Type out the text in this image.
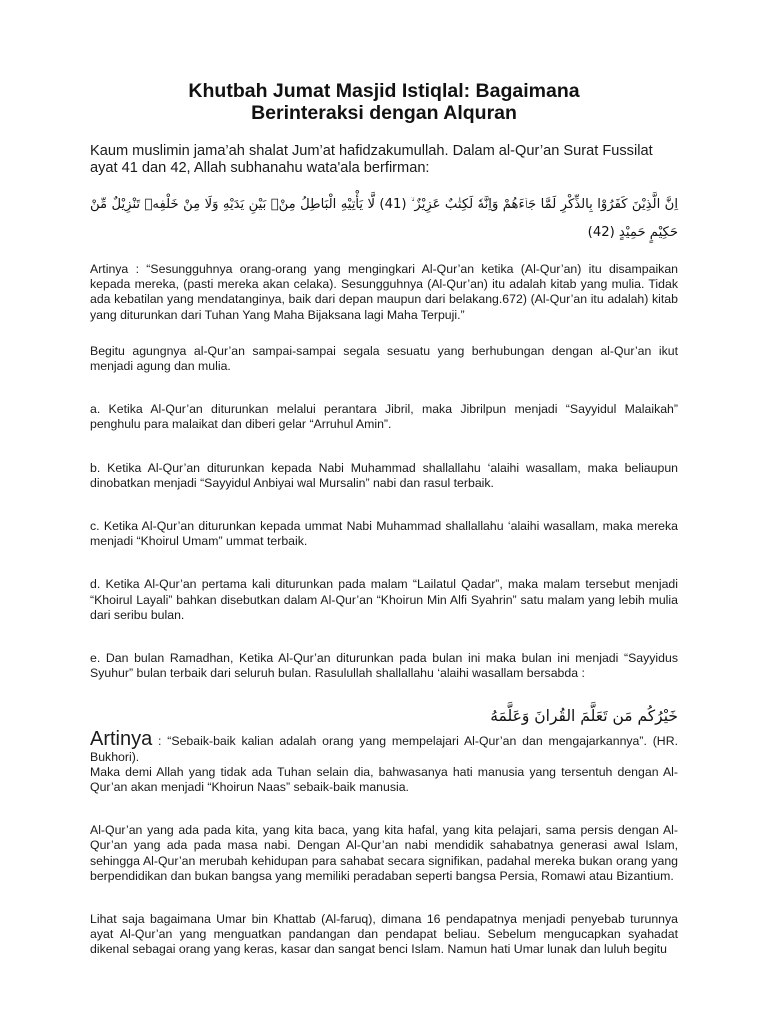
Khutbah Jumat Masjid Istiqlal: Bagaimana
Berinteraksi dengan Alquran

Kaum muslimin jama’ah shalat Jum’at hafidzakumullah. Dalam al-Qur’an Surat Fussilat ayat 41 dan 42, Allah subhanahu wata'ala berfirman:

اِنَّ الَّذِيْنَ كَفَرُوْا بِالذِّكْرِ لَمَّا جَاۤءَهُمْ وَاِنَّهٗ لَكِتٰبٌ عَزِيْزٌ ۙ (41) لَّا يَأْتِيْهِ الْبَاطِلُ مِنْۢ بَيْنِ يَدَيْهِ وَلَا مِنْ خَلْفِهٖ تَنْزِيْلٌ مِّنْ حَكِيْمٍ حَمِيْدٍ (42)

Artinya : “Sesungguhnya orang-orang yang mengingkari Al-Qur’an ketika (Al-Qur’an) itu disampaikan kepada mereka, (pasti mereka akan celaka). Sesungguhnya (Al-Qur’an) itu adalah kitab yang mulia. Tidak ada kebatilan yang mendatanginya, baik dari depan maupun dari belakang.672) (Al-Qur’an itu adalah) kitab yang diturunkan dari Tuhan Yang Maha Bijaksana lagi Maha Terpuji.”

Begitu agungnya al-Qur’an sampai-sampai segala sesuatu yang berhubungan dengan al-Qur’an ikut menjadi agung dan mulia.

a. Ketika Al-Qur’an diturunkan melalui perantara Jibril, maka Jibrilpun menjadi “Sayyidul Malaikah” penghulu para malaikat dan diberi gelar “Arruhul Amin”.

b. Ketika Al-Qur’an diturunkan kepada Nabi Muhammad shallallahu ‘alaihi wasallam, maka beliaupun dinobatkan menjadi “Sayyidul Anbiyai wal Mursalin” nabi dan rasul terbaik.

c. Ketika Al-Qur’an diturunkan kepada ummat Nabi Muhammad shallallahu ‘alaihi wasallam, maka mereka menjadi “Khoirul Umam” ummat terbaik.

d. Ketika Al-Qur’an pertama kali diturunkan pada malam “Lailatul Qadar”, maka malam tersebut menjadi “Khoirul Layali” bahkan disebutkan dalam Al-Qur’an “Khoirun Min Alfi Syahrin” satu malam yang lebih mulia dari seribu bulan.

e. Dan bulan Ramadhan, Ketika Al-Qur’an diturunkan pada bulan ini maka bulan ini menjadi “Sayyidus Syuhur” bulan terbaik dari seluruh bulan. Rasulullah shallallahu ‘alaihi wasallam bersabda :

خَيْرُكُم مَن تَعَلَّمَ القُرانَ وَعَلَّمَهُ

Artinya : “Sebaik-baik kalian adalah orang yang mempelajari Al-Qur’an dan mengajarkannya”. (HR. Bukhori).

Maka demi Allah yang tidak ada Tuhan selain dia, bahwasanya hati manusia yang tersentuh dengan Al-Qur’an akan menjadi “Khoirun Naas” sebaik-baik manusia.

Al-Qur’an yang ada pada kita, yang kita baca, yang kita hafal, yang kita pelajari, sama persis dengan Al-Qur’an yang ada pada masa nabi. Dengan Al-Qur’an nabi mendidik sahabatnya generasi awal Islam, sehingga Al-Qur’an merubah kehidupan para sahabat secara signifikan, padahal mereka bukan orang yang berpendidikan dan bukan bangsa yang memiliki peradaban seperti bangsa Persia, Romawi atau Bizantium.

Lihat saja bagaimana Umar bin Khattab (Al-faruq), dimana 16 pendapatnya menjadi penyebab turunnya ayat Al-Qur’an yang menguatkan pandangan dan pendapat beliau. Sebelum mengucapkan syahadat dikenal sebagai orang yang keras, kasar dan sangat benci Islam. Namun hati Umar lunak dan luluh begitu
